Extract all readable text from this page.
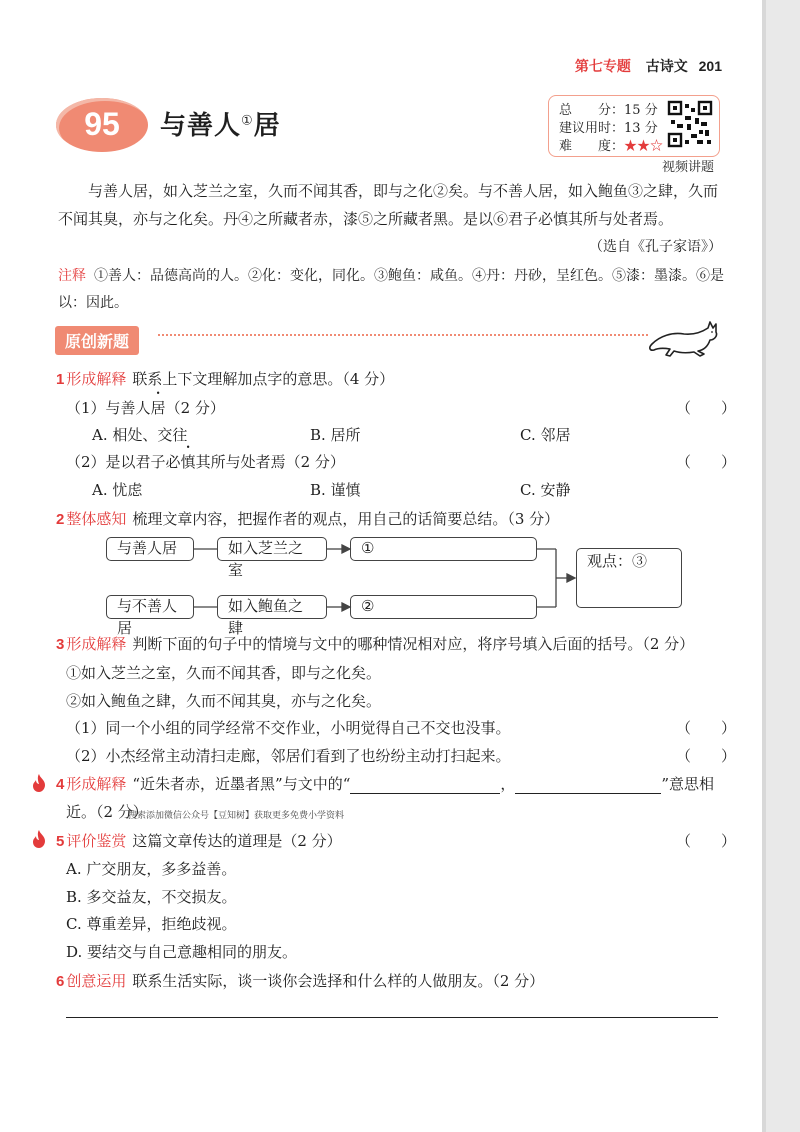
第七专题 古诗文 201
95	与善人①居
总　　分：15 分
建议用时：13 分
难　　度：★★☆
视频讲题
与善人居，如入芝兰之室，久而不闻其香，即与之化②矣。与不善人居，如入鲍鱼③之肆，久而不闻其臭，亦与之化矣。丹④之所藏者赤，漆⑤之所藏者黑。是以⑥君子必慎其所与处者焉。
（选自《孔子家语》）
注释 ①善人：品德高尚的人。②化：变化，同化。③鲍鱼：咸鱼。④丹：丹砂，呈红色。⑤漆：墨漆。⑥是以：因此。
原创新题
1 形成解释 联系上下文理解加点字的意思。（4 分）
（1）与善人居（2 分）	（　　）
A. 相处、交往	B. 居所	C. 邻居
（2）是以君子必慎其所与处者焉（2 分）	（　　）
A. 忧虑	B. 谨慎	C. 安静
2 整体感知 梳理文章内容，把握作者的观点，用自己的话简要总结。（3 分）
与善人居	如入芝兰之室
①
与不善人居
如入鲍鱼之肆
②
观点：③
3 形成解释 判断下面的句子中的情境与文中的哪种情况相对应，将序号填入后面的括号。（2 分）
①如入芝兰之室，久而不闻其香，即与之化矣。
②如入鲍鱼之肆，久而不闻其臭，亦与之化矣。
（1）同一个小组的同学经常不交作业，小明觉得自己不交也没事。	（　　）
（2）小杰经常主动清扫走廊，邻居们看到了也纷纷主动打扫起来。	（　　）
4 形成解释 “近朱者赤，近墨者黑”与文中的“	，	”意思相
近。（2 分）
搜索添加微信公众号【豆知树】获取更多免费小学资料
5 评价鉴赏 这篇文章传达的道理是（2 分）	（　　）
A. 广交朋友，多多益善。
B. 多交益友，不交损友。
C. 尊重差异，拒绝歧视。
D. 要结交与自己意趣相同的朋友。
6 创意运用 联系生活实际，谈一谈你会选择和什么样的人做朋友。（2 分）
